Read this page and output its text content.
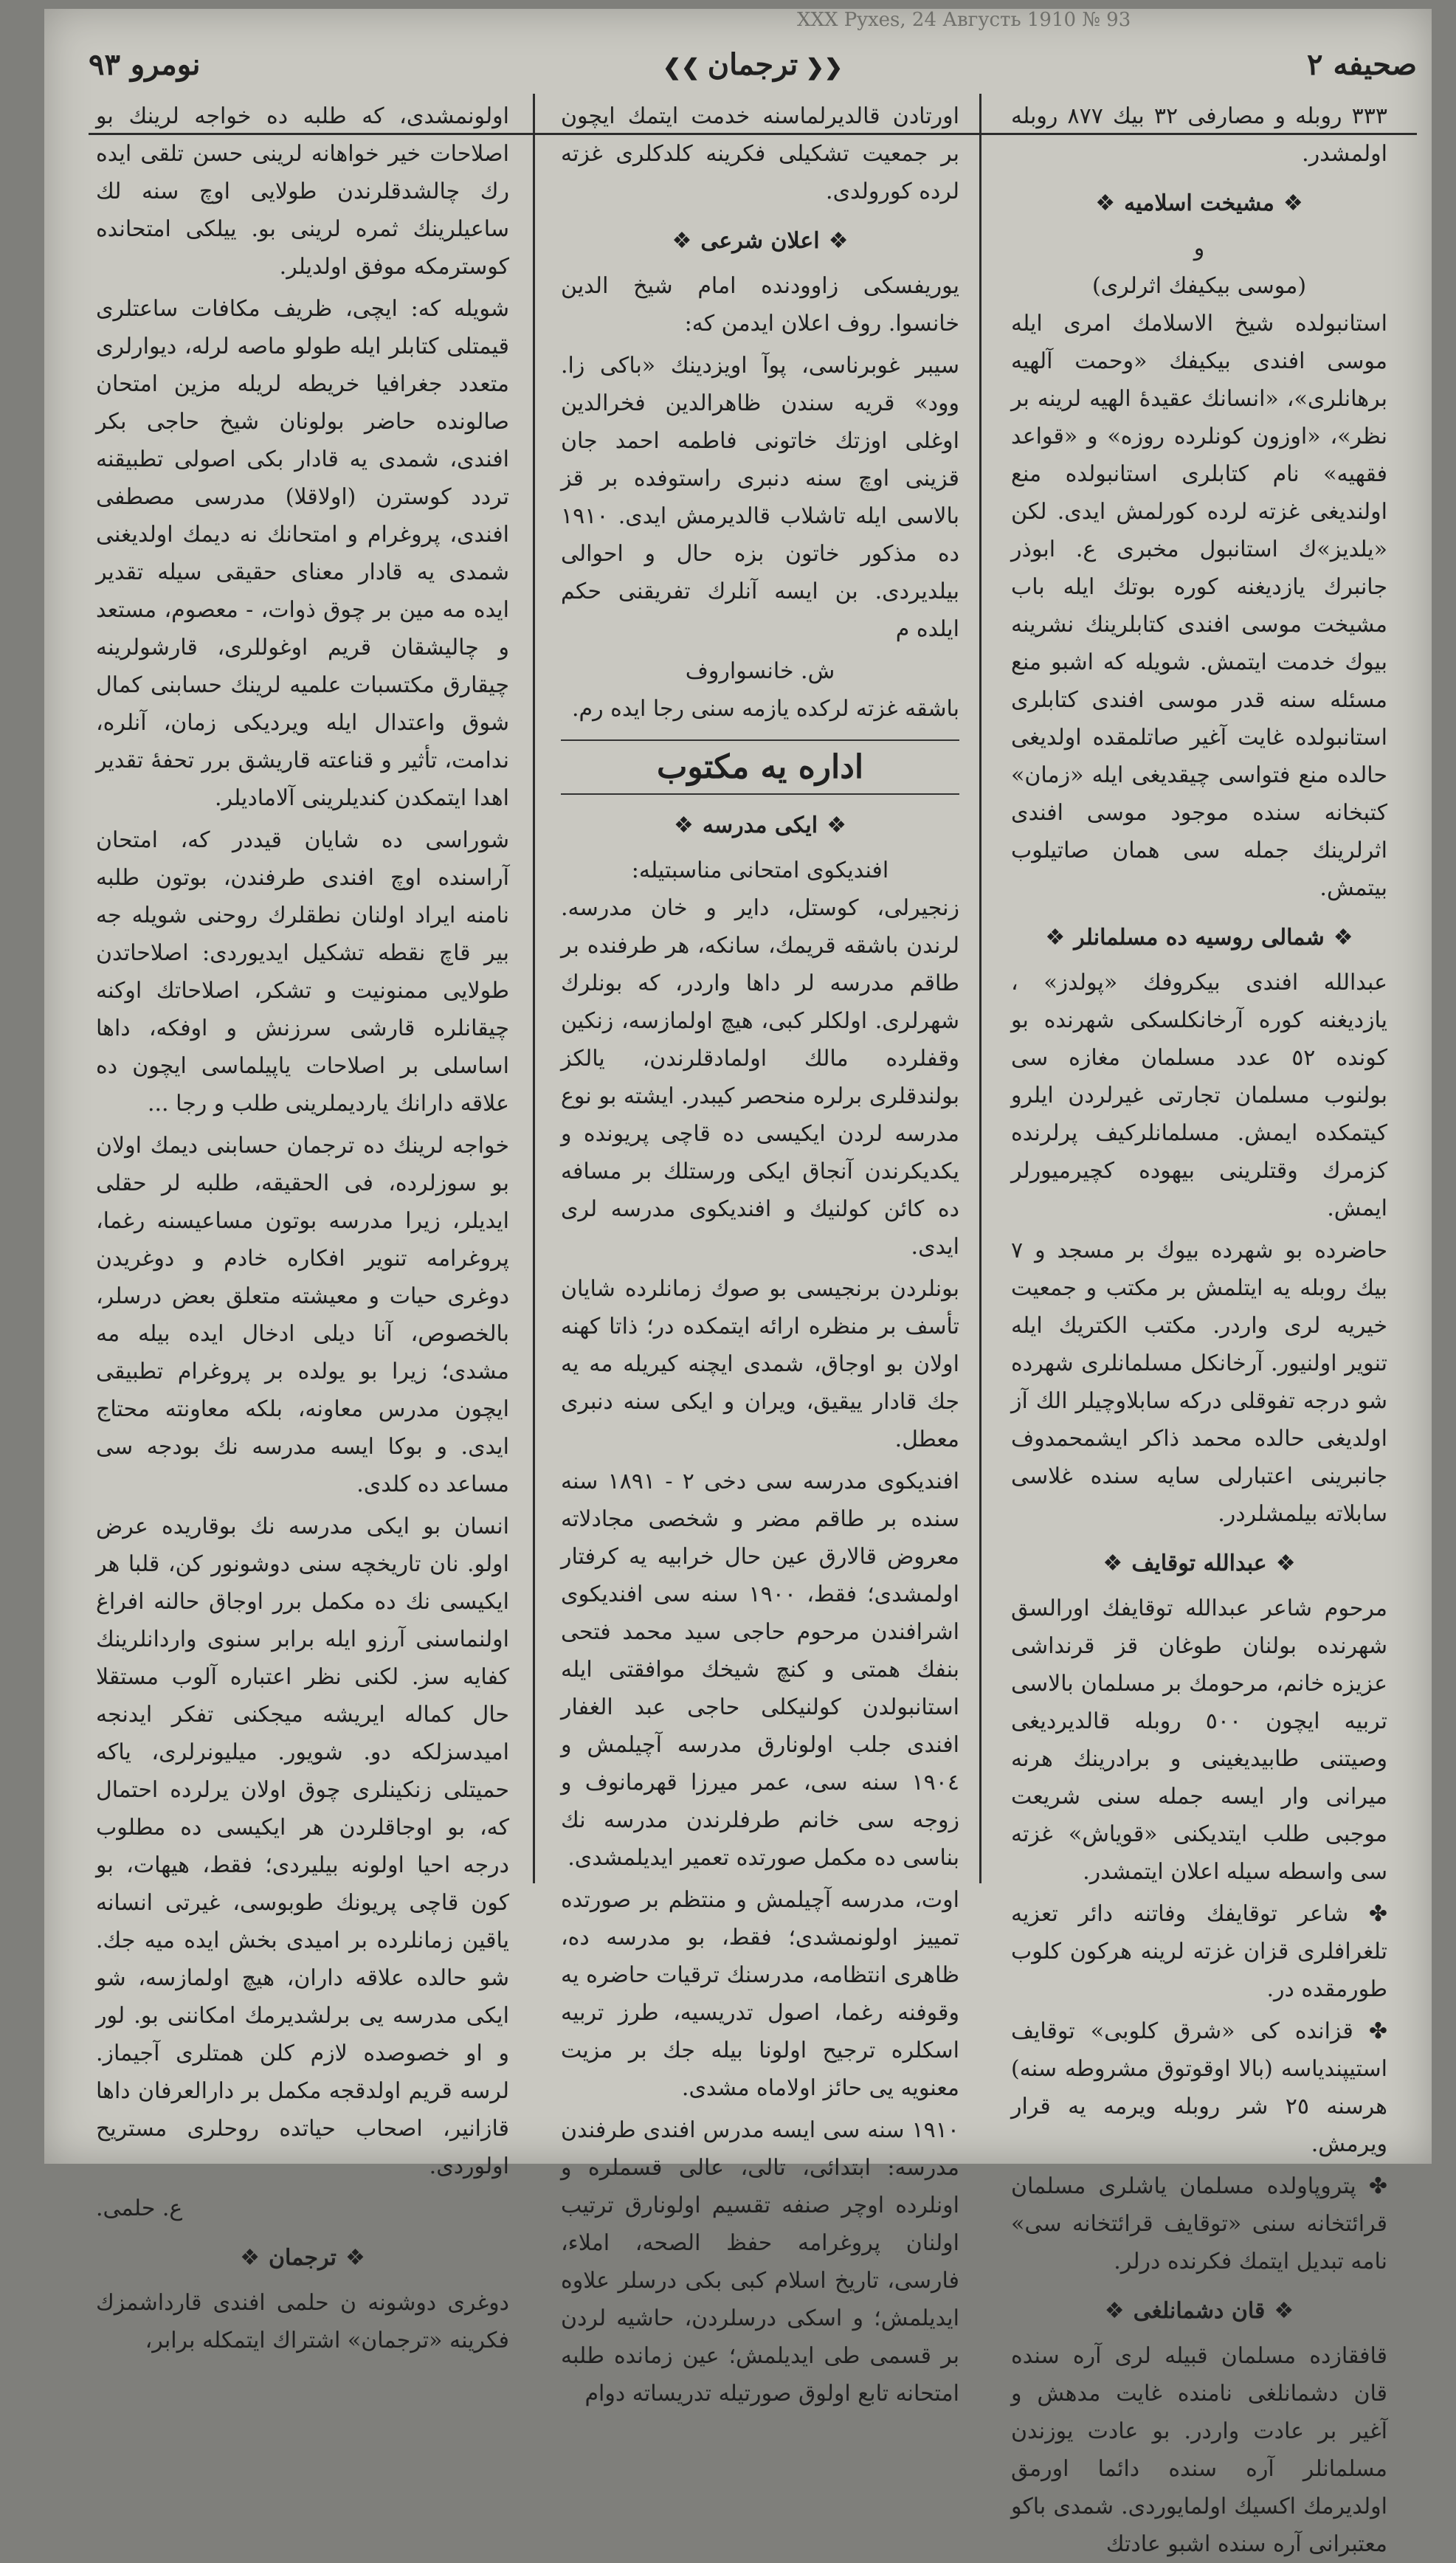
XXX Pyxes, 24 Августь 1910 № 93
صحیفه ۲
❮❮ ترجمان ❯❯
نومرو ۹۳

٣٣٣ روبله و مصارفی ٣٢ بیك ٨٧٧ روبله اولمشدر.

❖مشیخت اسلامیه❖
و
(موسی بیکیفك اثرلری)

استانبولده شیخ الاسلامك امری ایله موسی افندی بیکیفك «وحمت آلهیه برهانلری»، «انسانك عقیدۀ الهیه لرینه بر نظر»، «اوزون کونلرده روزه» و «قواعد فقهیه» نام کتابلری استانبولده منع اولندیغی غزته لرده کورلمش ایدی. لکن «یلدیز»ك استانبول مخبری ع. ابوذر جانبرك یازدیغنه کوره بوتك ایله باب مشیخت موسی افندی کتابلرینك نشرینه بیوك خدمت ایتمش. شویله که اشبو منع مسئله سنه قدر موسی افندی کتابلری استانبولده غایت آغیر صاتلمقده اولدیغی حالده منع فتواسی چیقدیغی ایله «زمان» کتبخانه سنده موجود موسی افندی اثرلرینك جمله سی همان صاتیلوب بیتمش.

❖شمالی روسیه ده مسلمانلر❖

عبدالله افندی بیکروفك «پولدز» ، یازدیغنه کوره آرخانکلسکی شهرنده بو کونده ٥٢ عدد مسلمان مغازه سی بولنوب مسلمان تجارتی غیرلردن ایلرو کیتمکده ایمش. مسلمانلرکیف پرلرنده کزمرك وقتلرینی بیهوده کچیرمیورلر ایمش.

حاضرده بو شهرده بیوك بر مسجد و ٧ بیك روبله یه ایتلمش بر مکتب و جمعیت خیریه لری واردر. مکتب الکتریك ایله تنویر اولنیور. آرخانکل مسلمانلری شهرده شو درجه تفوقلی درکه سابلاوچیلر الك آز اولدیغی حالده محمد ذاکر ایشمحمدوف جانبرینی اعتبارلی سایه سنده غلاسی سابلاته بیلمشلردر.

❖عبدالله توقایف❖

مرحوم شاعر عبدالله توقایفك اورالسق شهرنده بولنان طوغان قز قرنداشی عزیزه خانم، مرحومك بر مسلمان بالاسی تربیه ایچون ٥٠٠ روبله قالدیردیغی وصیتنی طابیدیغینی و برادرینك هرنه میرانی وار ایسه جمله سنی شریعت موجبی طلب ایتدیکنی «قویاش» غزته سی واسطه سیله اعلان ایتمشدر.

✤ شاعر توقایفك وفاتنه دائر تعزیه تلغرافلری قزان غزته لرینه هرکون کلوب طورمقده در.

✤ قزانده کی «شرق کلوبی» توقایف استیپندیاسه (بالا اوقوتوق مشروطه سنه) هرسنه ٢٥ شر روبله ویرمه یه قرار ویرمش.

✤ پتروپاولده مسلمان یاشلری مسلمان قرائتخانه سنی «توقایف قرائتخانه سی» نامه تبدیل ایتمك فکرنده درلر.

❖قان دشمانلغی❖

قافقازده مسلمان قبیله لری آره سنده قان دشمانلغی نامنده غایت مدهش و آغیر بر عادت واردر. بو عادت یوزندن مسلمانلر آره سنده دائما اورمق اولدیرمك اکسیك اولمایوردی. شمدی باکو معتبرانی آره سنده اشبو عادتك

اورتادن قالدیرلماسنه خدمت ایتمك ایچون بر جمعیت تشکیلی فکرینه کلدکلری غزته لرده کورولدی.

❖اعلان شرعی❖

یوریفسکی زاوودنده امام شیخ الدین خانسوا. روف اعلان ایدمن که:

سیبر غوبرناسی، پوآ اویزدینك «باکی زا. وود» قریه سندن ظاهرالدین فخرالدین اوغلی اوزتك خاتونی فاطمه احمد جان قزینی اوچ سنه دنبری راستوفده بر قز بالاسی ایله تاشلاب قالدیرمش ایدی. ١٩١٠ ده مذکور خاتون بزه حال و احوالی بیلدیردی. بن ایسه آنلرك تفریقنی حکم ایلده م

ش. خانسواروف

باشقه غزته لرکده یازمه سنی رجا ایده رم.

اداره یه مکتوب
❖ایکی مدرسه❖
افندیکوی امتحانی مناسبتیله:

زنجیرلی، کوستل، دایر و خان مدرسه. لرندن باشقه قریمك، سانکه، هر طرفنده بر طاقم مدرسه لر داها واردر، که بونلرك شهرلری. اولکلر کبی، هیچ اولمازسه، زنکین وقفلرده مالك اولمادقلرندن، یالکز بولندقلری برلره منحصر کیبدر. ایشته بو نوع مدرسه لردن ایکیسی ده قاچی پریونده و یکدیکرندن آنجاق ایکی ورستلك بر مسافه ده کائن کولنیك و افندیکوی مدرسه لری ایدی.

بونلردن برنجیسی بو صوك زمانلرده شایان تأسف بر منظره ارائه ایتمکده در؛ ذاتا کهنه اولان بو اوجاق، شمدی ایچنه کیریله مه یه جك قادار ییقیق، ویران و ایکی سنه دنبری معطل.

افندیکوی مدرسه سی دخی ٢ - ١٨٩١ سنه سنده بر طاقم مضر و شخصی مجادلاته معروض قالارق عین حال خرابیه یه کرفتار اولمشدی؛ فقط، ١٩٠٠ سنه سی افندیکوی اشرافندن مرحوم حاجی سید محمد فتحی بنفك همتی و کنچ شیخك موافقتی ایله استانبولدن کولنیکلی حاجی عبد الغفار افندی جلب اولونارق مدرسه آچیلمش و ١٩٠٤ سنه سی، عمر میرزا قهرمانوف و زوجه سی خانم طرفلرندن مدرسه نك بناسی ده مکمل صورتده تعمیر ایدیلمشدی.

اوت، مدرسه آچیلمش و منتظم بر صورتده تمییز اولونمشدی؛ فقط، بو مدرسه ده، ظاهری انتظامه، مدرسنك ترقیات حاضره یه وقوفنه رغما، اصول تدریسیه، طرز تربیه اسکلره ترجیح اولونا بیله جك بر مزیت معنویه یی حائز اولاماه مشدی.

١٩١٠ سنه سی ایسه مدرس افندی طرفندن مدرسه: ابتدائی، تالی، عالی قسملره و اونلرده اوچر صنفه تقسیم اولونارق ترتیب اولنان پروغرامه حفظ الصحه، املاء، فارسی، تاریخ اسلام کبی بکی درسلر علاوه ایدیلمش؛ و اسکی درسلردن، حاشیه لردن بر قسمی طی ایدیلمش؛ عین زمانده طلبه امتحانه تابع اولوق صورتیله تدریساته دوام

اولونمشدی، که طلبه ده خواجه لرینك بو اصلاحات خیر خواهانه لرینی حسن تلقی ایده رك چالشدقلرندن طولایی اوچ سنه لك ساعیلرینك ثمره لرینی بو. ییلکی امتحانده کوسترمکه موفق اولدیلر.

شویله که: ایچی، ظریف مکافات ساعتلری قیمتلی کتابلر ایله طولو ماصه لرله، دیوارلری متعدد جغرافیا خریطه لریله مزین امتحان صالونده حاضر بولونان شیخ حاجی بکر افندی، شمدی یه قادار بکی اصولی تطبیقنه تردد کوسترن (اولاقلا) مدرسی مصطفی افندی، پروغرام و امتحانك نه دیمك اولدیغنی شمدی یه قادار معنای حقیقی سیله تقدیر ایده مه مین بر چوق ذوات، - معصوم، مستعد و چالیشقان قریم اوغوللری، قارشولرینه چیقارق مکتسبات علمیه لرینك حسابنی کمال شوق واعتدال ایله ویردیکی زمان، آنلره، ندامت، تأثیر و قناعته قاریشق برر تحفۀ تقدیر اهدا ایتمکدن کندیلرینی آلامادیلر.

شوراسی ده شایان قیددر که، امتحان آراسنده اوچ افندی طرفندن، بوتون طلبه نامنه ایراد اولنان نطقلرك روحنی شویله جه بیر قاچ نقطه تشکیل ایدیوردی: اصلاحاتدن طولایی ممنونیت و تشکر، اصلاحاتك اوکنه چیقانلره قارشی سرزنش و اوفکه، داها اساسلی بر اصلاحات یاپیلماسی ایچون ده علاقه دارانك یاردیملرینی طلب و رجا ...

خواجه لرینك ده ترجمان حسابنی دیمك اولان بو سوزلرده، فی الحقیقه، طلبه لر حقلی ایدیلر، زیرا مدرسه بوتون مساعیسنه رغما، پروغرامه تنویر افکاره خادم و دوغریدن دوغری حیات و معیشته متعلق بعض درسلر، بالخصوص، آنا دیلی ادخال ایده بیله مه مشدی؛ زیرا بو یولده بر پروغرام تطبیقی ایچون مدرس معاونه، بلکه معاونته محتاج ایدی. و بوکا ایسه مدرسه نك بودجه سی مساعد ده کلدی.

انسان بو ایکی مدرسه نك بوقاریده عرض اولو. نان تاریخچه سنی دوشونور کن، قلبا هر ایکیسی نك ده مکمل برر اوجاق حالنه افراغ اولنماسنی آرزو ایله برابر سنوی واردانلرینك کفایه سز. لکنی نظر اعتباره آلوب مستقلا حال کماله ایریشه میجکنی تفکر ایدنجه امیدسزلکه دو. شویور. میلیونرلری، یاکه حمیتلی زنکینلری چوق اولان یرلرده احتمال که، بو اوجاقلردن هر ایکیسی ده مطلوب درجه احیا اولونه بیلیردی؛ فقط، هیهات، بو کون قاچی پریونك طوبوسی، غیرتی انسانه یاقین زمانلرده بر امیدی بخش ایده میه جك. شو حالده علاقه داران، هیچ اولمازسه، شو ایکی مدرسه یی برلشدیرمك امکاننی بو. لور و او خصوصده لازم کلن همتلری آجیماز. لرسه قریم اولدقجه مکمل بر دارالعرفان داها قازانیر، اصحاب حیاتده روحلری مستریح اولوردی.

ع. حلمی.
❖ترجمان❖

دوغری دوشونه ن حلمی افندی قارداشمزك فکرینه «ترجمان» اشتراك ایتمکله برابر،
